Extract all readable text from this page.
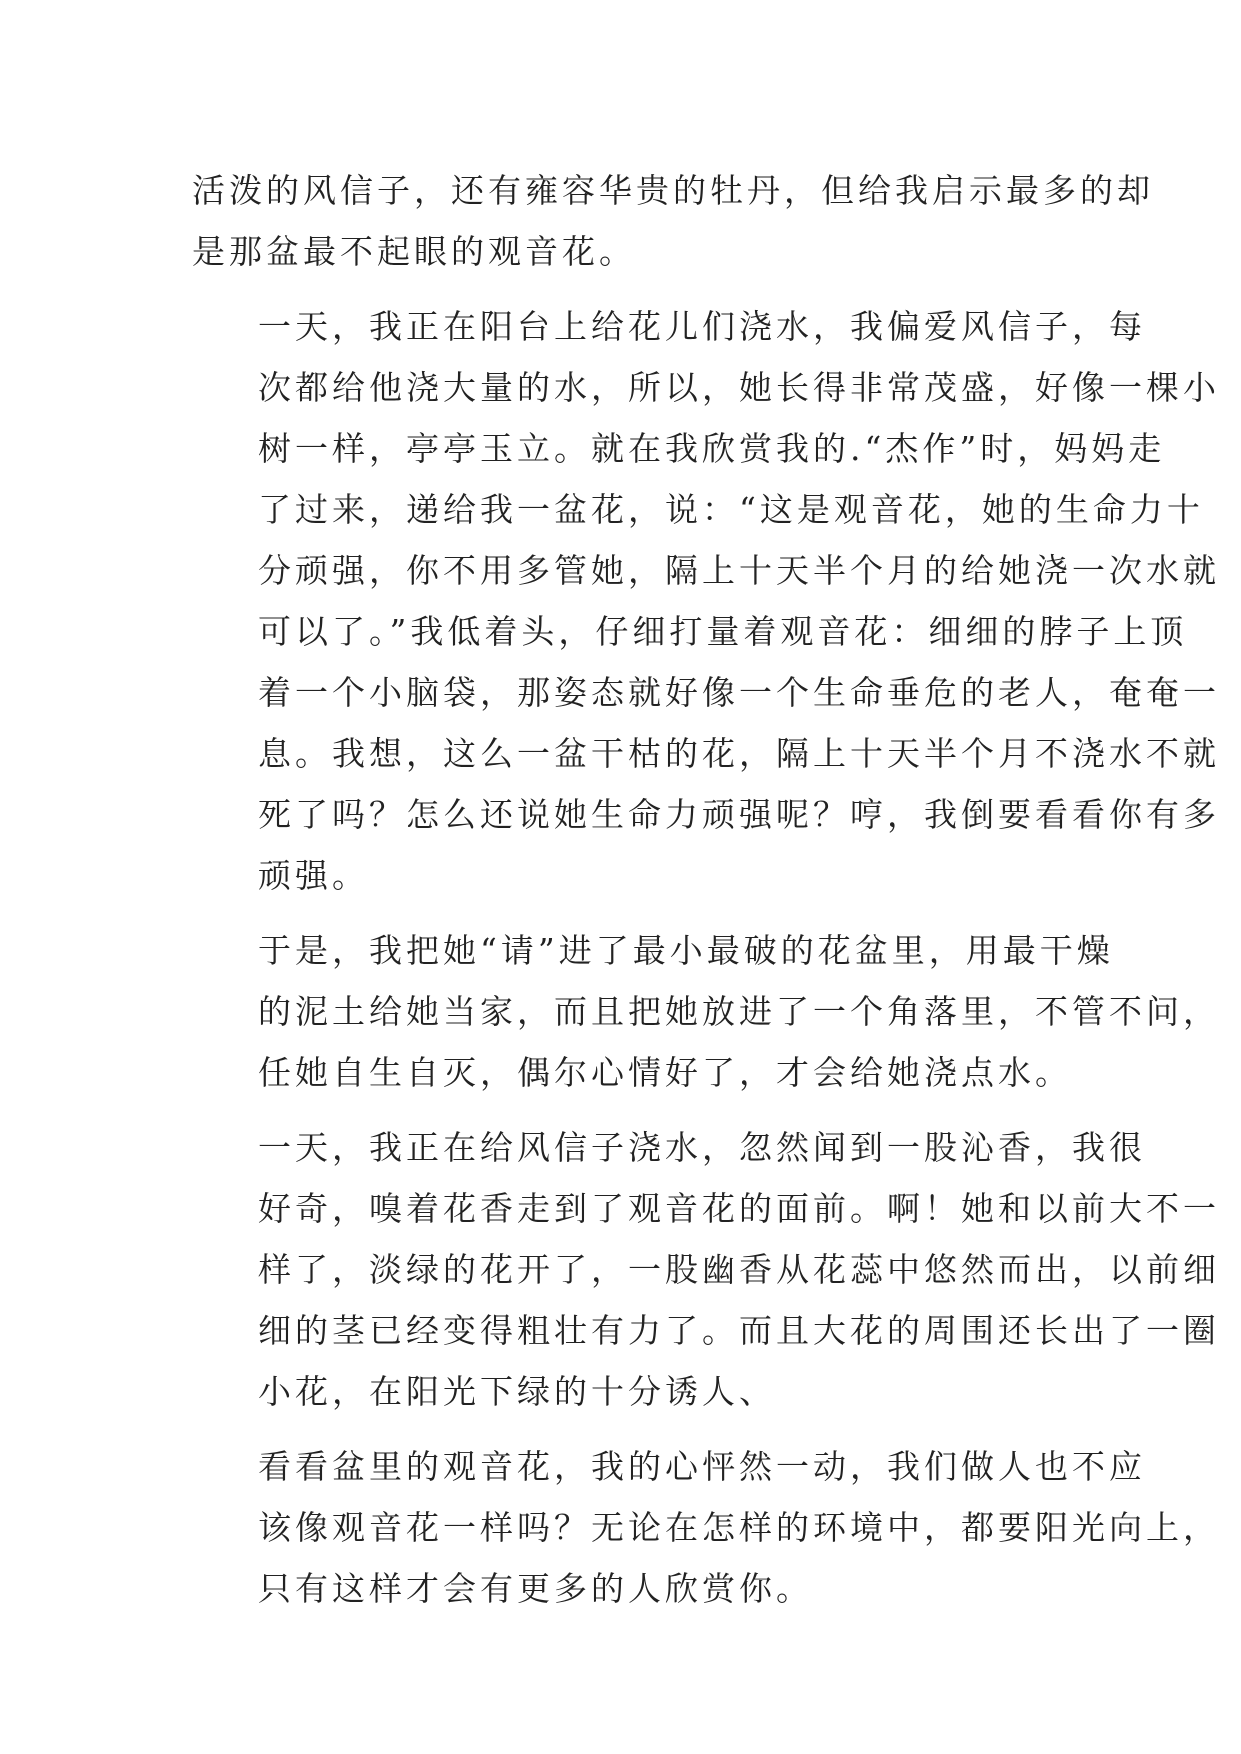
活泼的风信子，还有雍容华贵的牡丹，但给我启示最多的却
是那盆最不起眼的观音花。

一天，我正在阳台上给花儿们浇水，我偏爱风信子，每
次都给他浇大量的水，所以，她长得非常茂盛，好像一棵小
树一样，亭亭玉立。就在我欣赏我的.“杰作”时，妈妈走
了过来，递给我一盆花，说：“这是观音花，她的生命力十
分顽强，你不用多管她，隔上十天半个月的给她浇一次水就
可以了。”我低着头，仔细打量着观音花：细细的脖子上顶
着一个小脑袋，那姿态就好像一个生命垂危的老人，奄奄一
息。我想，这么一盆干枯的花，隔上十天半个月不浇水不就
死了吗？怎么还说她生命力顽强呢？哼，我倒要看看你有多
顽强。

于是，我把她“请”进了最小最破的花盆里，用最干燥
的泥土给她当家，而且把她放进了一个角落里，不管不问，
任她自生自灭，偶尔心情好了，才会给她浇点水。

一天，我正在给风信子浇水，忽然闻到一股沁香，我很
好奇，嗅着花香走到了观音花的面前。啊！她和以前大不一
样了，淡绿的花开了，一股幽香从花蕊中悠然而出，以前细
细的茎已经变得粗壮有力了。而且大花的周围还长出了一圈
小花，在阳光下绿的十分诱人、

看看盆里的观音花，我的心怦然一动，我们做人也不应
该像观音花一样吗？无论在怎样的环境中，都要阳光向上，
只有这样才会有更多的人欣赏你。
